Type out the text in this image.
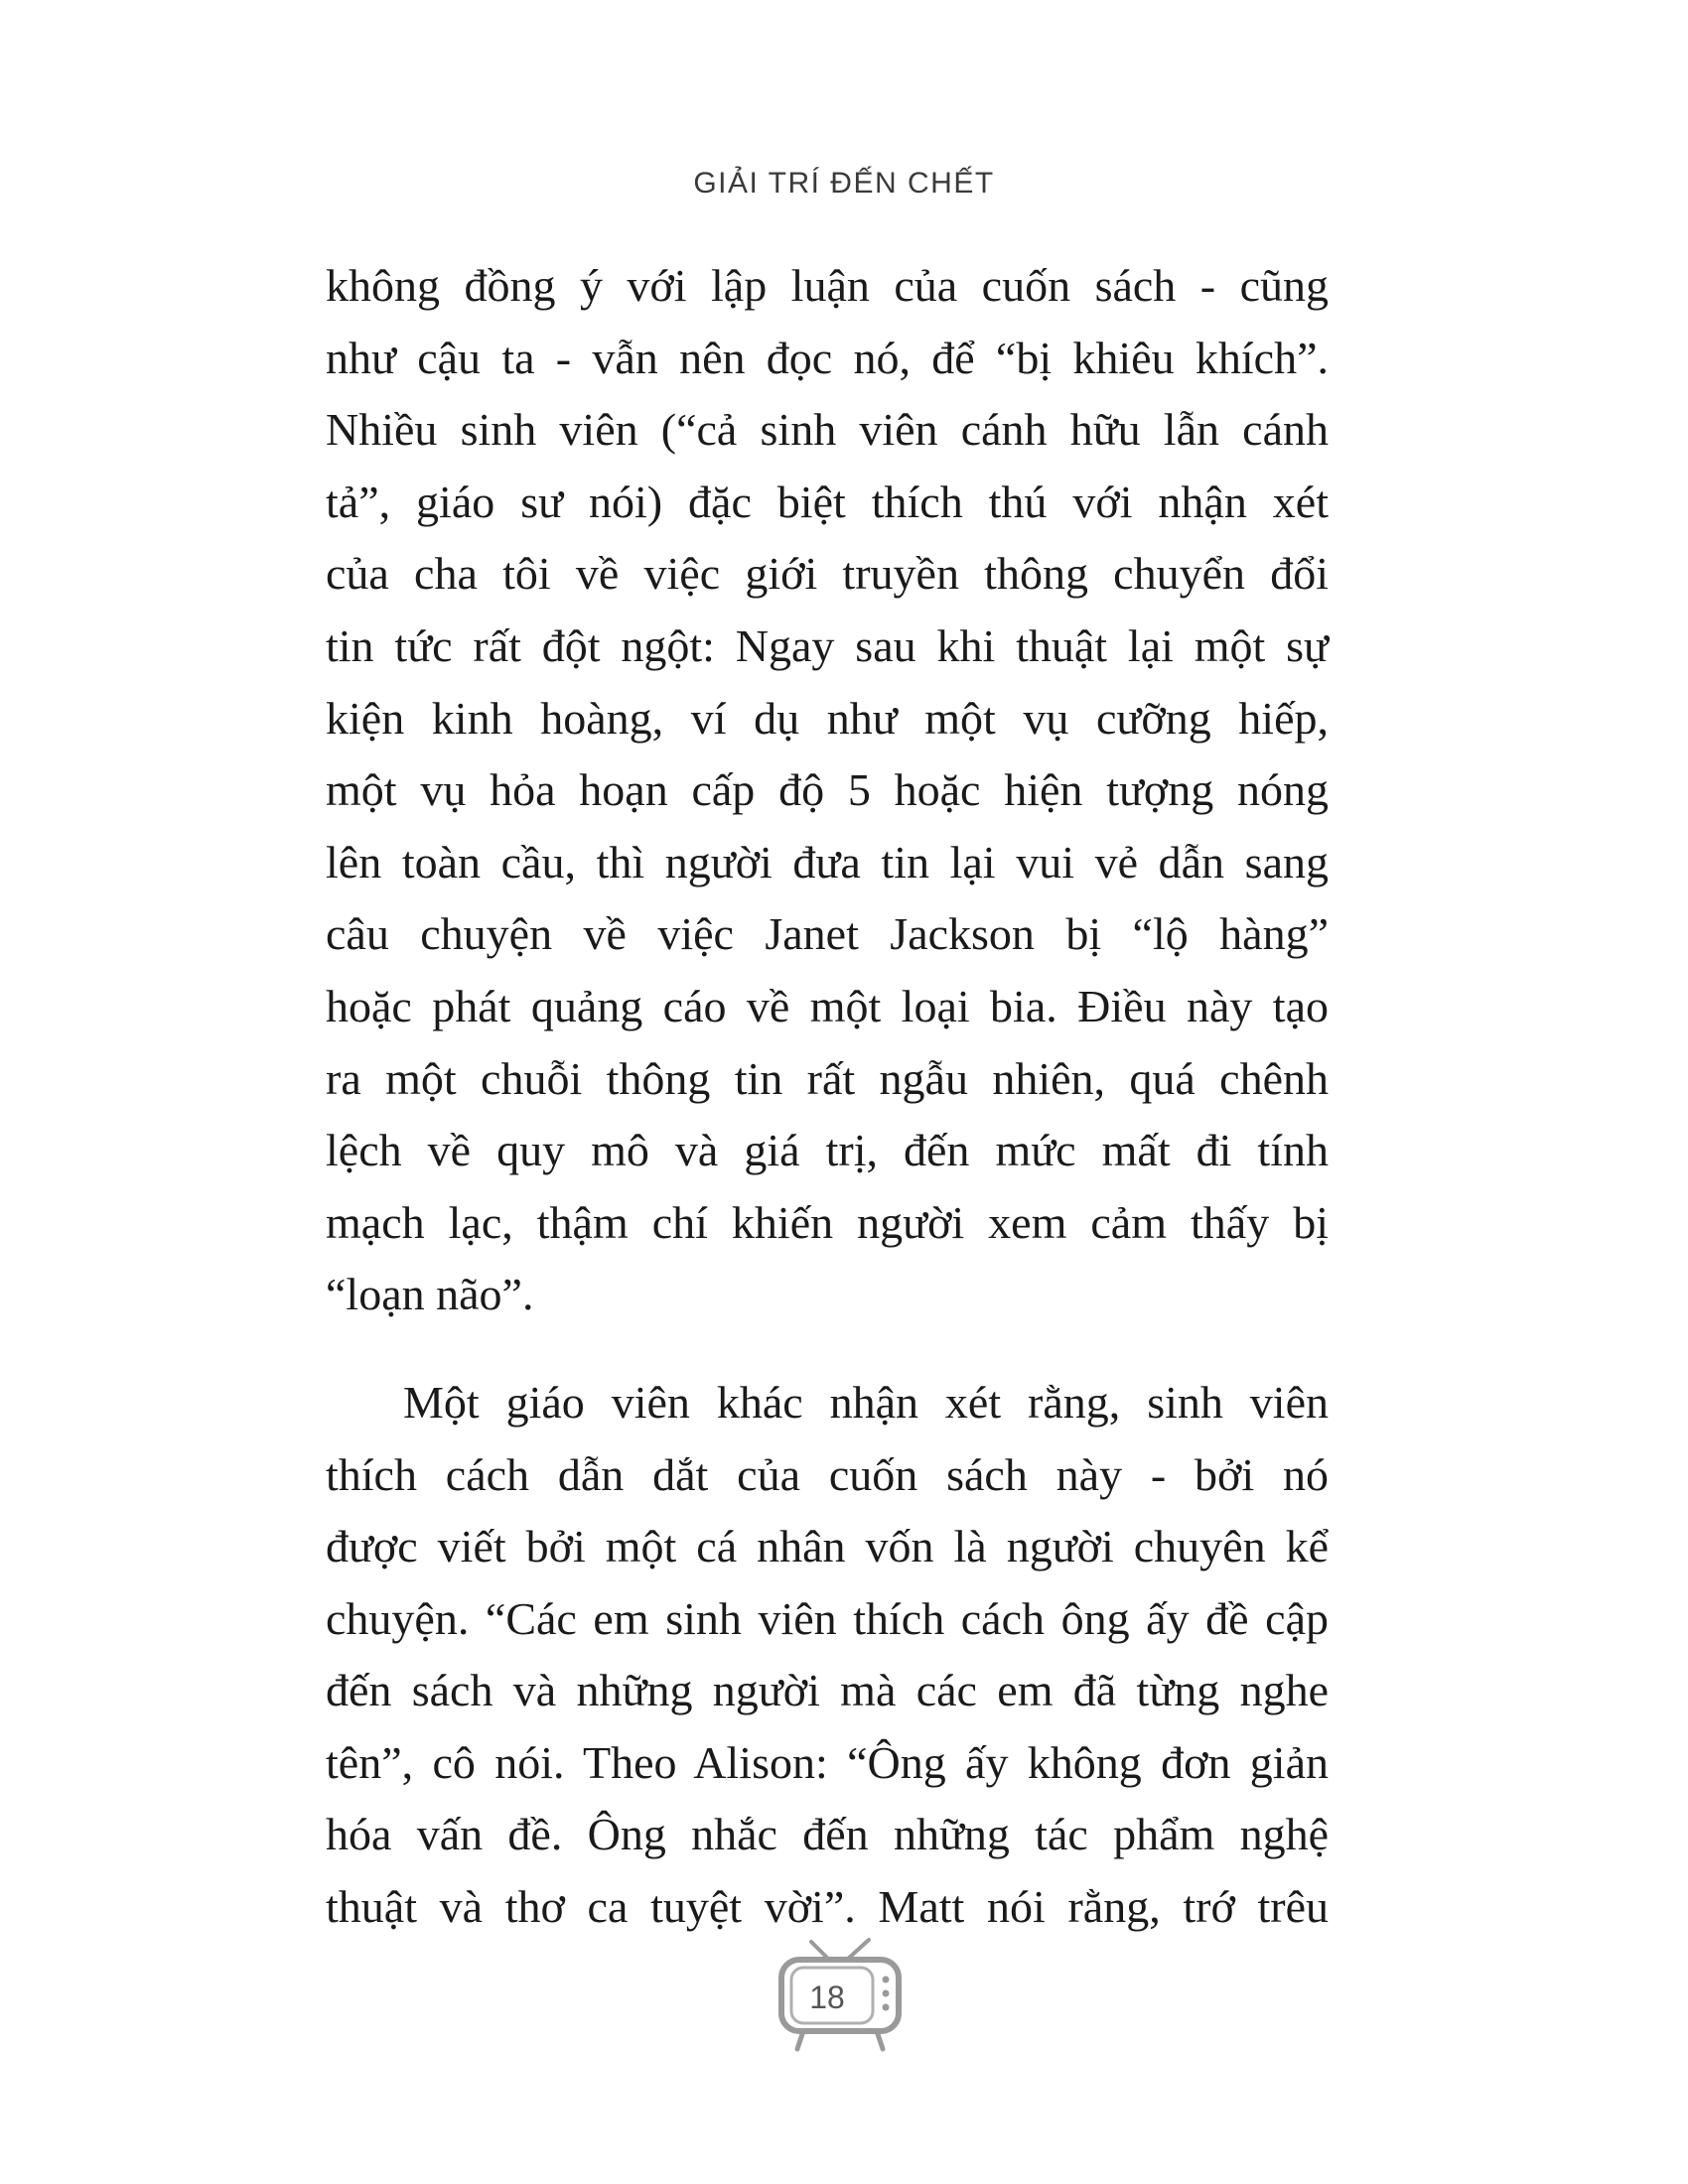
GIẢI TRÍ ĐẾN CHẾT
không đồng ý với lập luận của cuốn sách - cũng
như cậu ta - vẫn nên đọc nó, để “bị khiêu khích”.
Nhiều sinh viên (“cả sinh viên cánh hữu lẫn cánh
tả”, giáo sư nói) đặc biệt thích thú với nhận xét
của cha tôi về việc giới truyền thông chuyển đổi
tin tức rất đột ngột: Ngay sau khi thuật lại một sự
kiện kinh hoàng, ví dụ như một vụ cưỡng hiếp,
một vụ hỏa hoạn cấp độ 5 hoặc hiện tượng nóng
lên toàn cầu, thì người đưa tin lại vui vẻ dẫn sang
câu chuyện về việc Janet Jackson bị “lộ hàng”
hoặc phát quảng cáo về một loại bia. Điều này tạo
ra một chuỗi thông tin rất ngẫu nhiên, quá chênh
lệch về quy mô và giá trị, đến mức mất đi tính
mạch lạc, thậm chí khiến người xem cảm thấy bị
“loạn não”.
Một giáo viên khác nhận xét rằng, sinh viên
thích cách dẫn dắt của cuốn sách này - bởi nó
được viết bởi một cá nhân vốn là người chuyên kể
chuyện. “Các em sinh viên thích cách ông ấy đề cập
đến sách và những người mà các em đã từng nghe
tên”, cô nói. Theo Alison: “Ông ấy không đơn giản
hóa vấn đề. Ông nhắc đến những tác phẩm nghệ
thuật và thơ ca tuyệt vời”. Matt nói rằng, trớ trêu
18
